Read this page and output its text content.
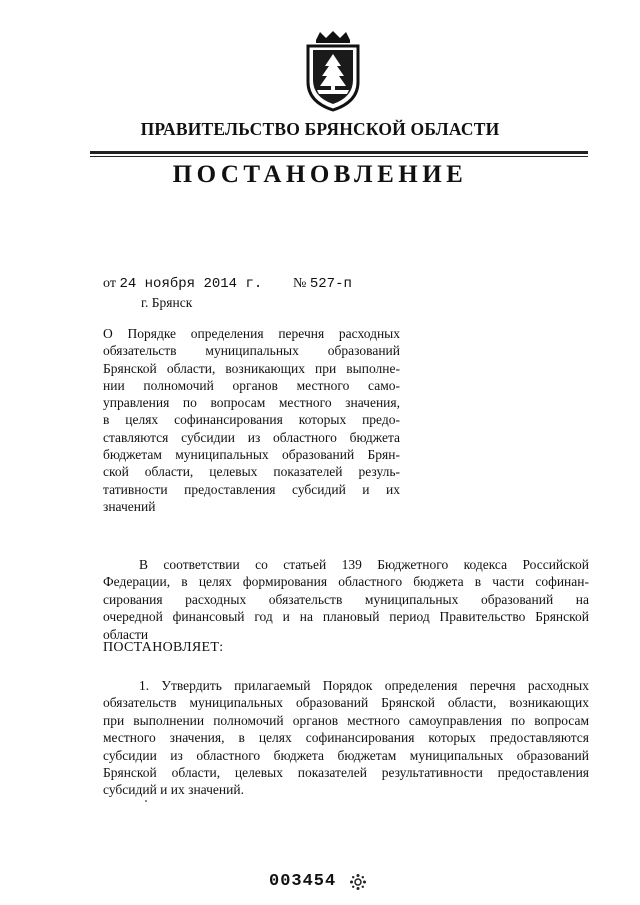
ПРАВИТЕЛЬСТВО БРЯНСКОЙ ОБЛАСТИ
ПОСТАНОВЛЕНИЕ
от 24 ноября 2014 г. № 527-п
г. Брянск
О Порядке определения перечня расходных
обязательств муниципальных образований
Брянской области, возникающих при выполне-
нии полномочий органов местного само-
управления по вопросам местного значения,
в целях софинансирования которых предо-
ставляются субсидии из областного бюджета
бюджетам муниципальных образований Брян-
ской области, целевых показателей резуль-
тативности предоставления субсидий и их
значений
В соответствии со статьей 139 Бюджетного кодекса Российской
Федерации, в целях формирования областного бюджета в части софинан-
сирования расходных обязательств муниципальных образований на
очередной финансовый год и на плановый период Правительство Брянской
области
ПОСТАНОВЛЯЕТ:
1. Утвердить прилагаемый Порядок определения перечня расходных
обязательств муниципальных образований Брянской области, возникающих
при выполнении полномочий органов местного самоуправления по вопросам
местного значения, в целях софинансирования которых предоставляются
субсидии из областного бюджета бюджетам муниципальных образований
Брянской области, целевых показателей результативности предоставления
субсидий и их значений.
003454
